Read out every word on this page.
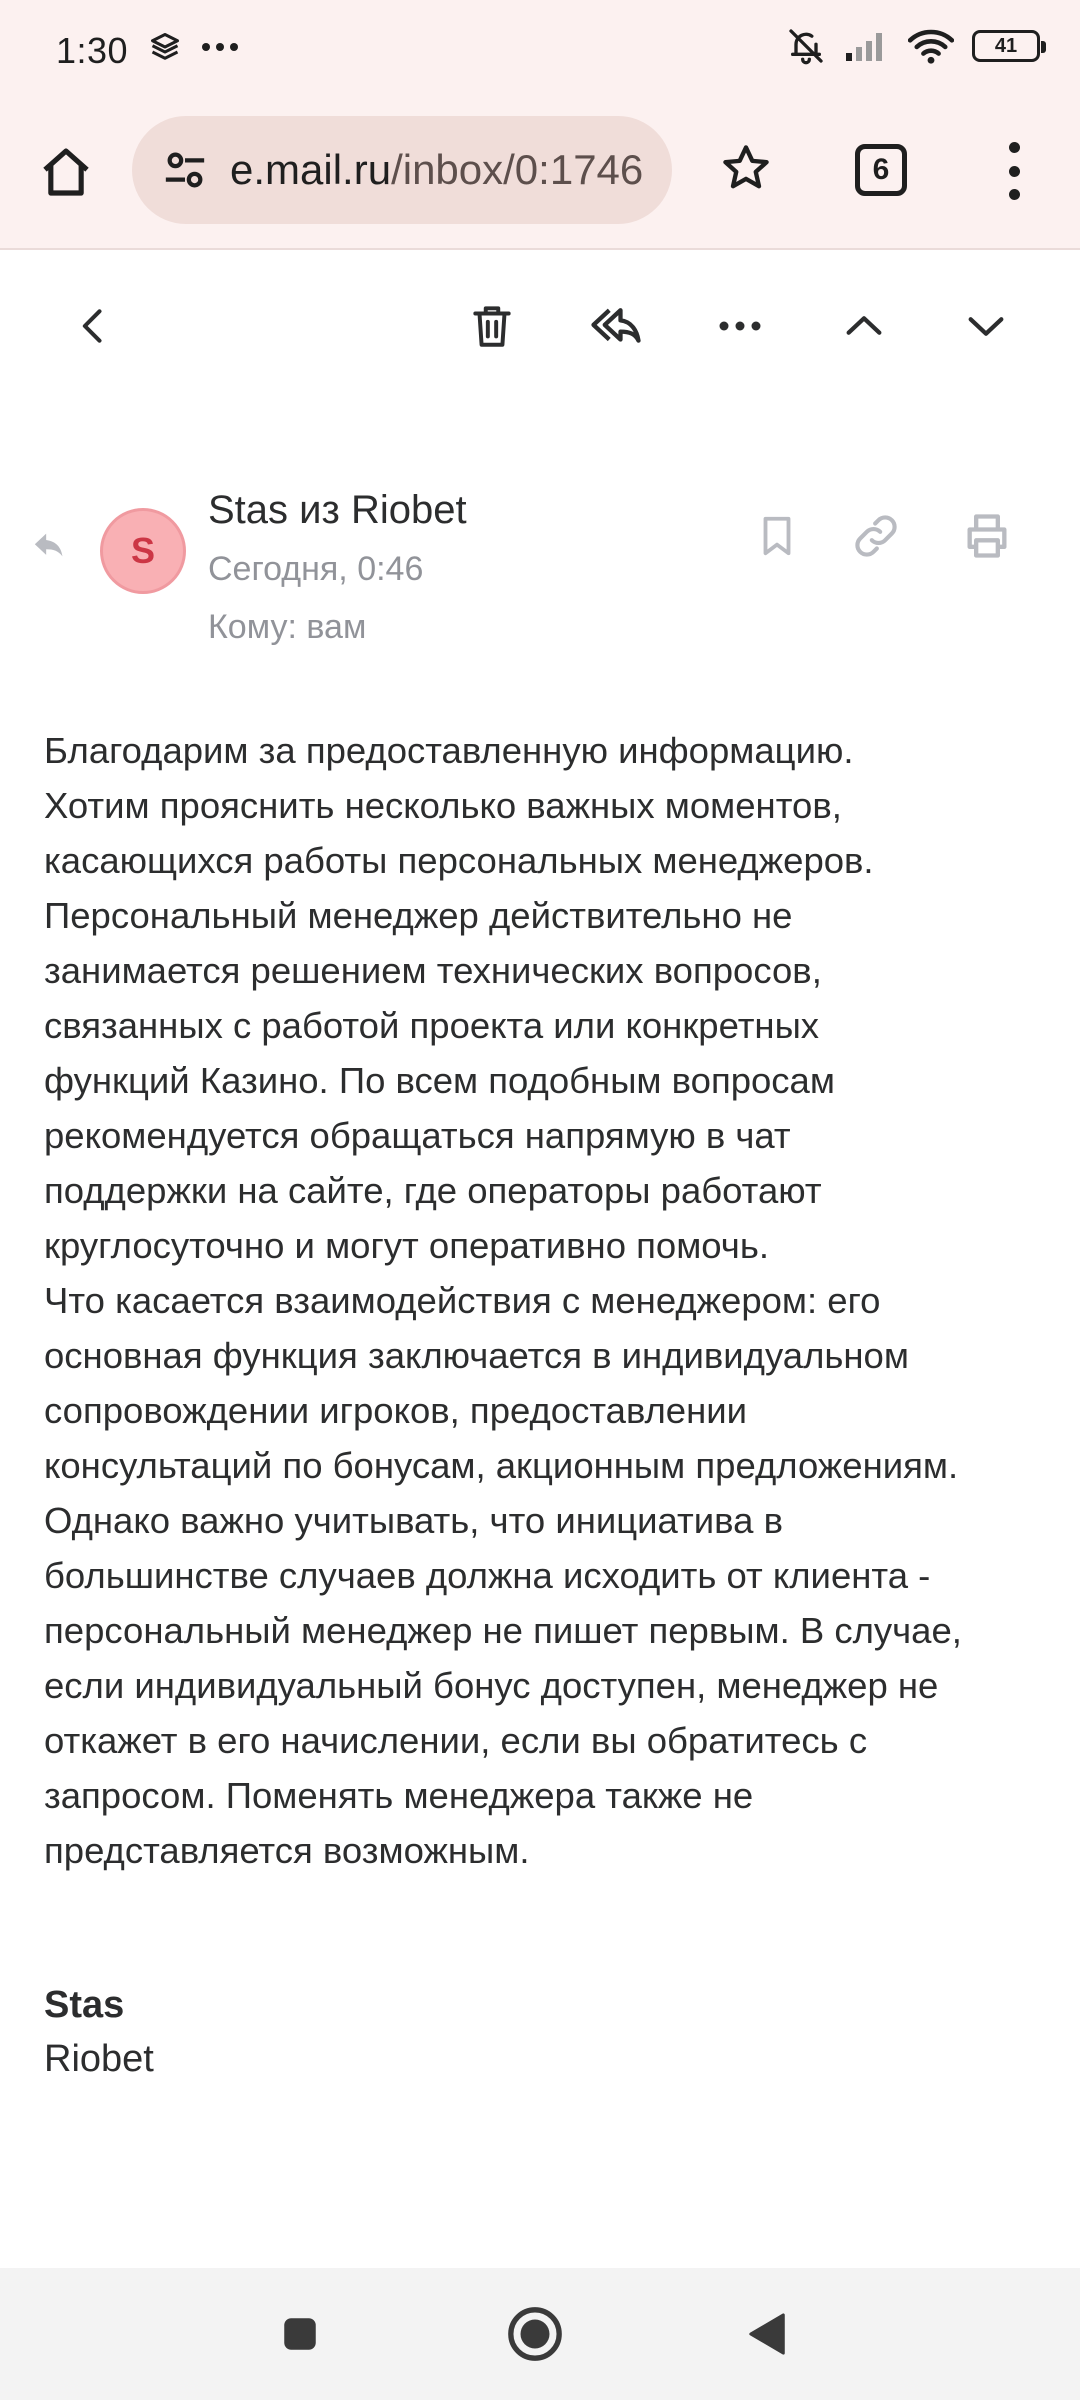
1:30	41
e.mail.ru/inbox/0:1746	6
S
Stas из Riobet
Сегодня, 0:46
Кому: вам

Благодарим за предоставленную информацию.

Хотим прояснить несколько важных моментов,

касающихся работы персональных менеджеров.

Персональный менеджер действительно не

занимается решением технических вопросов,

связанных с работой проекта или конкретных

функций Казино. По всем подобным вопросам

рекомендуется обращаться напрямую в чат

поддержки на сайте, где операторы работают

круглосуточно и могут оперативно помочь.

Что касается взаимодействия с менеджером: его

основная функция заключается в индивидуальном

сопровождении игроков, предоставлении

консультаций по бонусам, акционным предложениям.

Однако важно учитывать, что инициатива в

большинстве случаев должна исходить от клиента -

персональный менеджер не пишет первым. В случае,

если индивидуальный бонус доступен, менеджер не

откажет в его начислении, если вы обратитесь с

запросом. Поменять менеджера также не

представляется возможным.

Stas
Riobet
